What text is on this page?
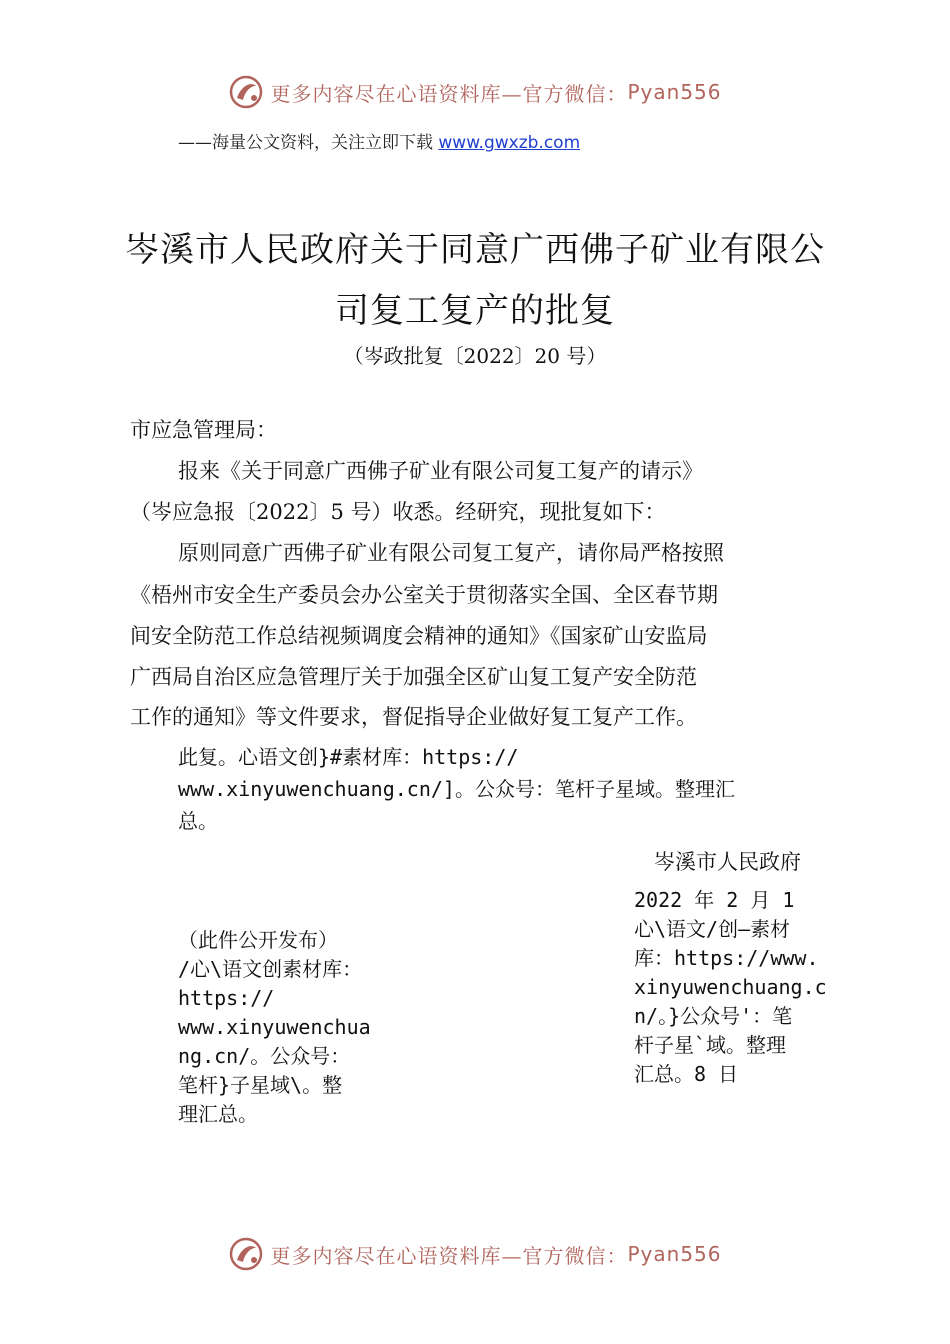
更多内容尽在心语资料库—官方微信： Pyan556
——海量公文资料，关注立即下载 www.gwxzb.com
岑溪市人民政府关于同意广西佛子矿业有限公
司复工复产的批复
（岑政批复〔2022〕20 号）
市应急管理局：
报来《关于同意广西佛子矿业有限公司复工复产的请示》
（岑应急报〔2022〕5 号）收悉。经研究，现批复如下：
原则同意广西佛子矿业有限公司复工复产，请你局严格按照
《梧州市安全生产委员会办公室关于贯彻落实全国、全区春节期
间安全防范工作总结视频调度会精神的通知》《国家矿山安监局
广西局自治区应急管理厅关于加强全区矿山复工复产安全防范
工作的通知》等文件要求，督促指导企业做好复工复产工作。
此复。心语文创}#素材库：https://
www.xinyuwenchuang.cn/]。公众号：笔杆子星域。整理汇
总。
岑溪市人民政府
（此件公开发布）
/心\语文创素材库：
https://
www.xinyuwenchua
ng.cn/。公众号：
笔杆}子星域\。整
理汇总。
2022 年 2 月 1
心\语文/创—素材
库：https://www.
xinyuwenchuang.c
n/。}公众号'：笔
杆子星`域。整理
汇总。8 日
更多内容尽在心语资料库—官方微信： Pyan556
